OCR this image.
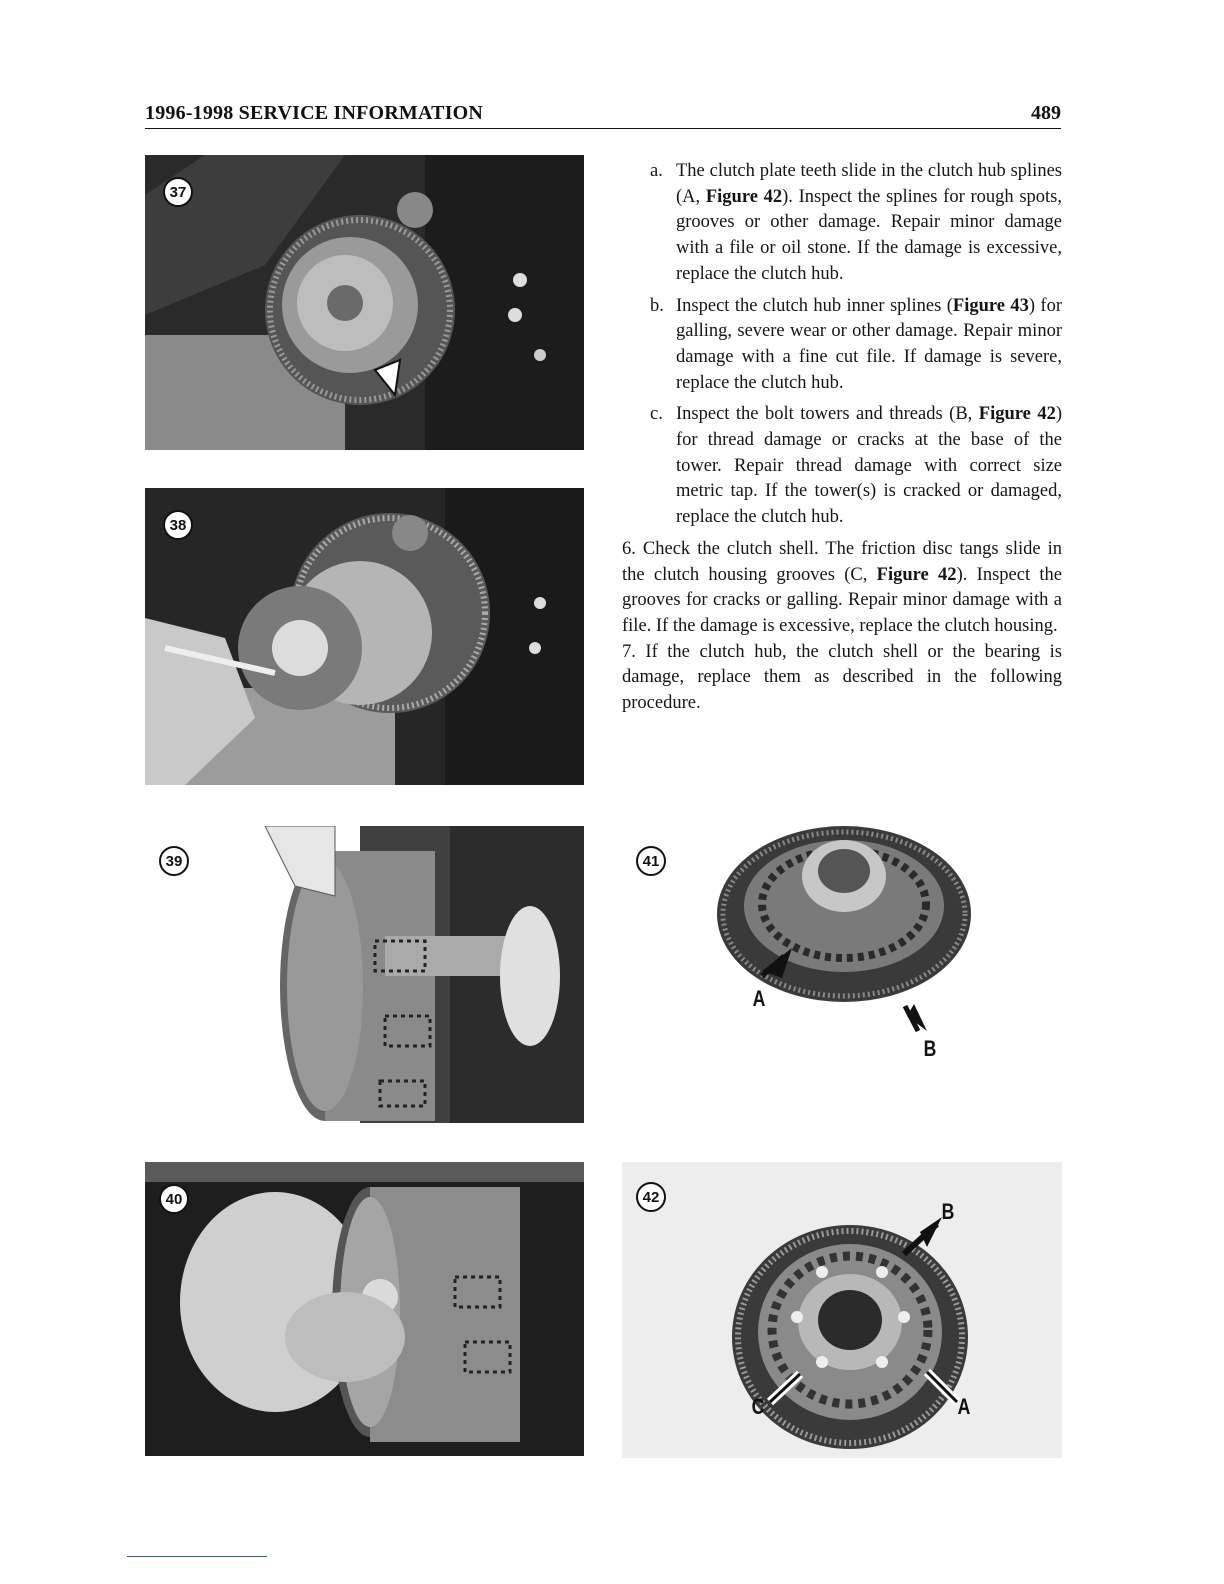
1996-1998 SERVICE INFORMATION	489
37
38
39
40
41
A
B
42
B
C	A
a. The clutch plate teeth slide in the clutch hub splines (A, Figure 42). Inspect the splines for rough spots, grooves or other damage. Repair minor damage with a file or oil stone. If the damage is excessive, replace the clutch hub.
b. Inspect the clutch hub inner splines (Figure 43) for galling, severe wear or other damage. Repair minor damage with a fine cut file. If damage is severe, replace the clutch hub.
c. Inspect the bolt towers and threads (B, Figure 42) for thread damage or cracks at the base of the tower. Repair thread damage with correct size metric tap. If the tower(s) is cracked or damaged, replace the clutch hub.
6. Check the clutch shell. The friction disc tangs slide in the clutch housing grooves (C, Figure 42). Inspect the grooves for cracks or galling. Repair minor damage with a file. If the damage is excessive, replace the clutch housing.
7. If the clutch hub, the clutch shell or the bearing is damage, replace them as described in the following procedure.
